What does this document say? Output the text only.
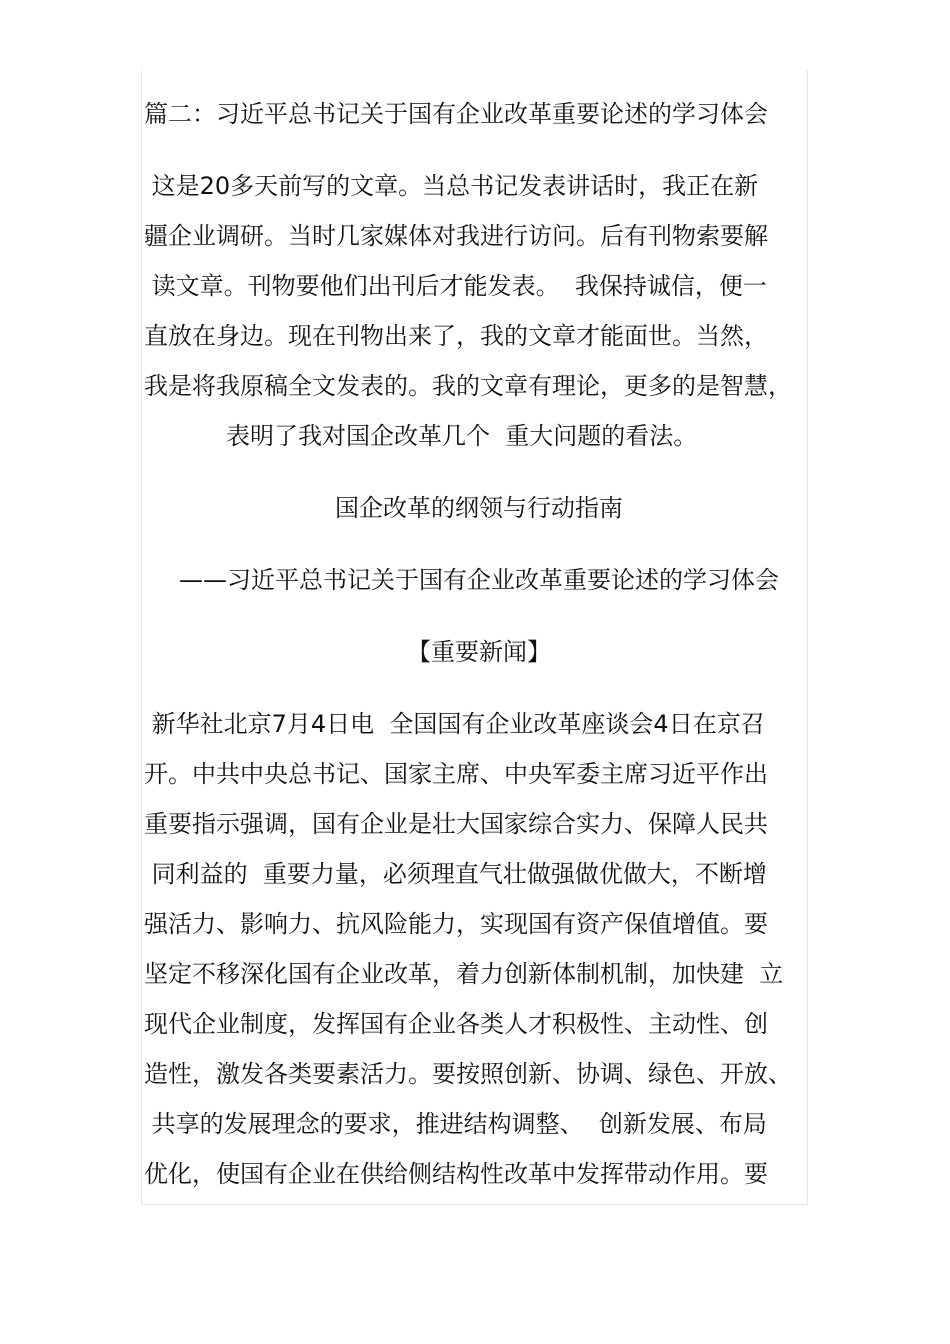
篇二：习近平总书记关于国有企业改革重要论述的学习体会
这是20多天前写的文章。当总书记发表讲话时，我正在新
疆企业调研。当时几家媒体对我进行访问。后有刊物索要解
读文章。刊物要他们出刊后才能发表。  我保持诚信，便一
直放在身边。现在刊物出来了，我的文章才能面世。当然，
我是将我原稿全文发表的。我的文章有理论，更多的是智慧，
表明了我对国企改革几个  重大问题的看法。
国企改革的纲领与行动指南
——习近平总书记关于国有企业改革重要论述的学习体会
【重要新闻】
新华社北京7月4日电  全国国有企业改革座谈会4日在京召
开。中共中央总书记、国家主席、中央军委主席习近平作出
重要指示强调，国有企业是壮大国家综合实力、保障人民共
同利益的  重要力量，必须理直气壮做强做优做大，不断增
强活力、影响力、抗风险能力，实现国有资产保值增值。要
坚定不移深化国有企业改革，着力创新体制机制，加快建  立
现代企业制度，发挥国有企业各类人才积极性、主动性、创
造性，激发各类要素活力。要按照创新、协调、绿色、开放、
共享的发展理念的要求，推进结构调整、  创新发展、布局
优化，使国有企业在供给侧结构性改革中发挥带动作用。要
